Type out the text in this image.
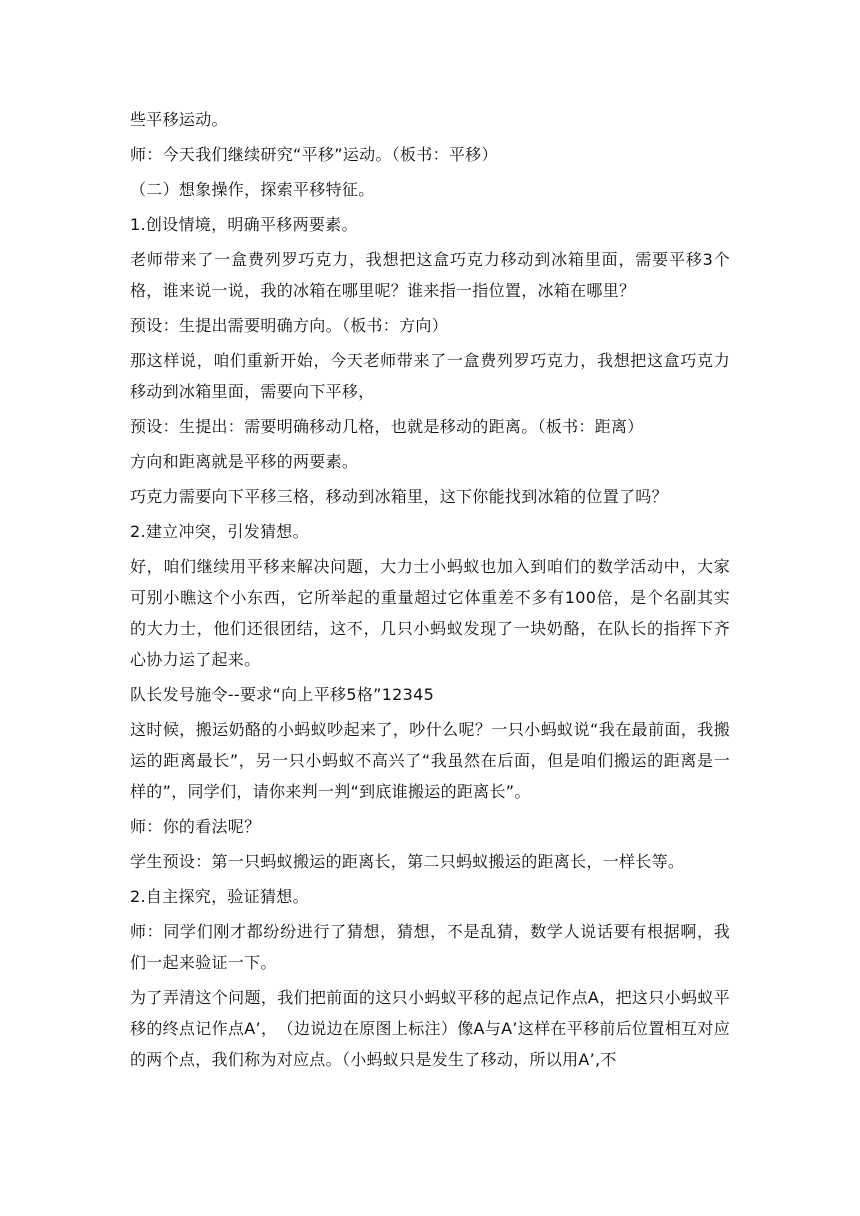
些平移运动。

师：今天我们继续研究“平移”运动。（板书：平移）

（二）想象操作，探索平移特征。

1.创设情境，明确平移两要素。

老师带来了一盒费列罗巧克力，我想把这盒巧克力移动到冰箱里面，需要平移3个格，谁来说一说，我的冰箱在哪里呢？谁来指一指位置，冰箱在哪里？

预设：生提出需要明确方向。（板书：方向）

那这样说，咱们重新开始，今天老师带来了一盒费列罗巧克力，我想把这盒巧克力移动到冰箱里面，需要向下平移，

预设：生提出：需要明确移动几格，也就是移动的距离。（板书：距离）

方向和距离就是平移的两要素。

巧克力需要向下平移三格，移动到冰箱里，这下你能找到冰箱的位置了吗？

2.建立冲突，引发猜想。

好，咱们继续用平移来解决问题，大力士小蚂蚁也加入到咱们的数学活动中，大家可别小瞧这个小东西，它所举起的重量超过它体重差不多有100倍，是个名副其实的大力士，他们还很团结，这不，几只小蚂蚁发现了一块奶酪，在队长的指挥下齐心协力运了起来。

队长发号施令--要求“向上平移5格”12345

这时候，搬运奶酪的小蚂蚁吵起来了，吵什么呢？一只小蚂蚁说“我在最前面，我搬运的距离最长”，另一只小蚂蚁不高兴了“我虽然在后面，但是咱们搬运的距离是一样的”，同学们，请你来判一判“到底谁搬运的距离长”。

师：你的看法呢？

学生预设：第一只蚂蚁搬运的距离长，第二只蚂蚁搬运的距离长，一样长等。

2.自主探究，验证猜想。

师：同学们刚才都纷纷进行了猜想，猜想，不是乱猜，数学人说话要有根据啊，我们一起来验证一下。

为了弄清这个问题，我们把前面的这只小蚂蚁平移的起点记作点A，把这只小蚂蚁平移的终点记作点A’，　（边说边在原图上标注）像A与A’这样在平移前后位置相互对应的两个点，我们称为对应点。（小蚂蚁只是发生了移动，所以用A’,不
